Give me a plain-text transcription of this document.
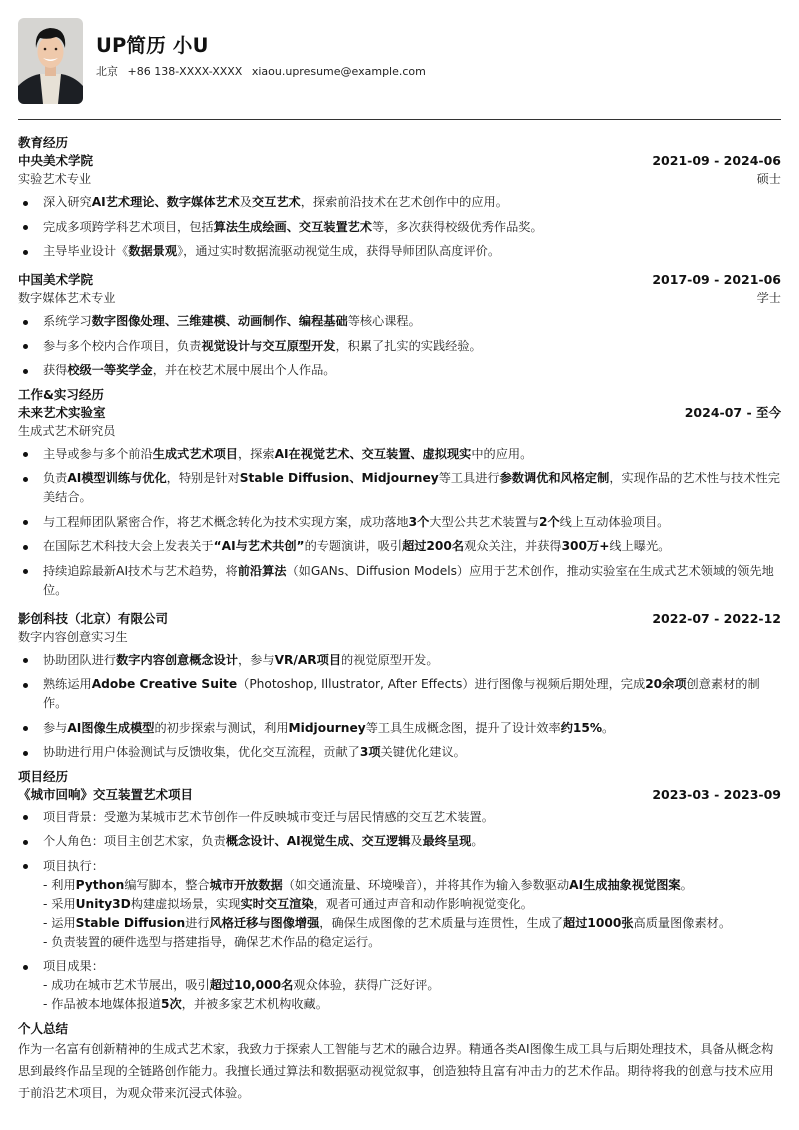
UP简历 小U
北京 +86 138-XXXX-XXXX xiaou.upresume@example.com
教育经历
中央美术学院	2021-09 - 2024-06
实验艺术专业	硕士
深入研究AI艺术理论、数字媒体艺术及交互艺术，探索前沿技术在艺术创作中的应用。
完成多项跨学科艺术项目，包括算法生成绘画、交互装置艺术等，多次获得校级优秀作品奖。
主导毕业设计《数据景观》，通过实时数据流驱动视觉生成，获得导师团队高度评价。
中国美术学院	2017-09 - 2021-06
数字媒体艺术专业	学士
系统学习数字图像处理、三维建模、动画制作、编程基础等核心课程。
参与多个校内合作项目，负责视觉设计与交互原型开发，积累了扎实的实践经验。
获得校级一等奖学金，并在校艺术展中展出个人作品。
工作&实习经历
未来艺术实验室	2024-07 - 至今
生成式艺术研究员
主导或参与多个前沿生成式艺术项目，探索AI在视觉艺术、交互装置、虚拟现实中的应用。
负责AI模型训练与优化，特别是针对Stable Diffusion、Midjourney等工具进行参数调优和风格定制，实现作品的艺术性与技术性完美结合。
与工程师团队紧密合作，将艺术概念转化为技术实现方案，成功落地3个大型公共艺术装置与2个线上互动体验项目。
在国际艺术科技大会上发表关于“AI与艺术共创”的专题演讲，吸引超过200名观众关注，并获得300万+线上曝光。
持续追踪最新AI技术与艺术趋势，将前沿算法（如GANs、Diffusion Models）应用于艺术创作，推动实验室在生成式艺术领域的领先地位。
影创科技（北京）有限公司	2022-07 - 2022-12
数字内容创意实习生
协助团队进行数字内容创意概念设计，参与VR/AR项目的视觉原型开发。
熟练运用Adobe Creative Suite（Photoshop, Illustrator, After Effects）进行图像与视频后期处理，完成20余项创意素材的制作。
参与AI图像生成模型的初步探索与测试，利用Midjourney等工具生成概念图，提升了设计效率约15%。
协助进行用户体验测试与反馈收集，优化交互流程，贡献了3项关键优化建议。
项目经历
《城市回响》交互装置艺术项目	2023-03 - 2023-09
项目背景：受邀为某城市艺术节创作一件反映城市变迁与居民情感的交互艺术装置。
个人角色：项目主创艺术家，负责概念设计、AI视觉生成、交互逻辑及最终呈现。
项目执行：
- 利用Python编写脚本，整合城市开放数据（如交通流量、环境噪音），并将其作为输入参数驱动AI生成抽象视觉图案。
- 采用Unity3D构建虚拟场景，实现实时交互渲染，观者可通过声音和动作影响视觉变化。
- 运用Stable Diffusion进行风格迁移与图像增强，确保生成图像的艺术质量与连贯性，生成了超过1000张高质量图像素材。
- 负责装置的硬件选型与搭建指导，确保艺术作品的稳定运行。
项目成果：
- 成功在城市艺术节展出，吸引超过10,000名观众体验，获得广泛好评。
- 作品被本地媒体报道5次，并被多家艺术机构收藏。
个人总结
作为一名富有创新精神的生成式艺术家，我致力于探索人工智能与艺术的融合边界。精通各类AI图像生成工具与后期处理技术，具备从概念构思到最终作品呈现的全链路创作能力。我擅长通过算法和数据驱动视觉叙事，创造独特且富有冲击力的艺术作品。期待将我的创意与技术应用于前沿艺术项目，为观众带来沉浸式体验。
